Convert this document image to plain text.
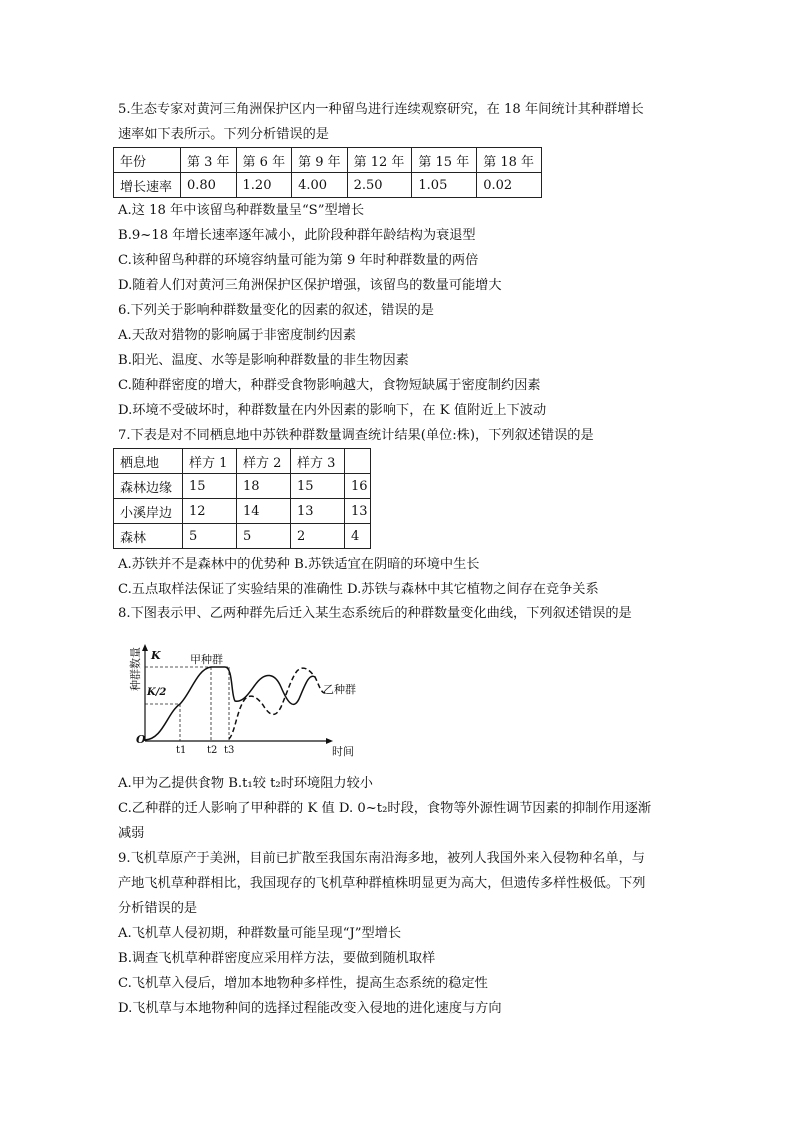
5.生态专家对黄河三角洲保护区内一种留鸟进行连续观察研究，在 18 年间统计其种群增长
速率如下表所示。下列分析错误的是
年份	第 3 年	第 6 年	第 9 年	第 12 年	第 15 年	第 18 年
增长速率	0.80	1.20	4.00	2.50	1.05	0.02
A.这 18 年中该留鸟种群数量呈“S”型增长
B.9~18 年增长速率逐年减小，此阶段种群年龄结构为衰退型
C.该种留鸟种群的环境容纳量可能为第 9 年时种群数量的两倍
D.随着人们对黄河三角洲保护区保护增强，该留鸟的数量可能增大
6.下列关于影响种群数量变化的因素的叙述，错误的是
A.天敌对猎物的影响属于非密度制约因素
B.阳光、温度、水等是影响种群数量的非生物因素
C.随种群密度的增大，种群受食物影响越大，食物短缺属于密度制约因素
D.环境不受破坏时，种群数量在内外因素的影响下，在 K 值附近上下波动
7.下表是对不同栖息地中苏铁种群数量调查统计结果(单位:株)，下列叙述错误的是
栖息地	样方 1	样方 2	样方 3	
森林边缘	15	18	15	16
小溪岸边	12	14	13	13
森林	5	5	2	4
A.苏铁并不是森林中的优势种 B.苏铁适宜在阴暗的环境中生长
C.五点取样法保证了实验结果的准确性 D.苏铁与森林中其它植物之间存在竞争关系
8.下图表示甲、乙两种群先后迁入某生态系统后的种群数量变化曲线，下列叙述错误的是
种群数量 K
K/2
O
甲种群
乙种群
t1 t2 t3	时间
A.甲为乙提供食物 B.t₁较 t₂时环境阻力较小
C.乙种群的迁人影响了甲种群的 K 值 D. 0~t₂时段，食物等外源性调节因素的抑制作用逐渐
减弱
9.飞机草原产于美洲，目前已扩散至我国东南沿海多地，被列人我国外来入侵物种名单，与
产地飞机草种群相比，我国现存的飞机草种群植株明显更为高大，但遗传多样性极低。下列
分析错误的是
A.飞机草人侵初期，种群数量可能呈现“J”型增长
B.调查飞机草种群密度应采用样方法，要做到随机取样
C.飞机草入侵后，增加本地物种多样性，提高生态系统的稳定性
D.飞机草与本地物种间的选择过程能改变入侵地的进化速度与方向
